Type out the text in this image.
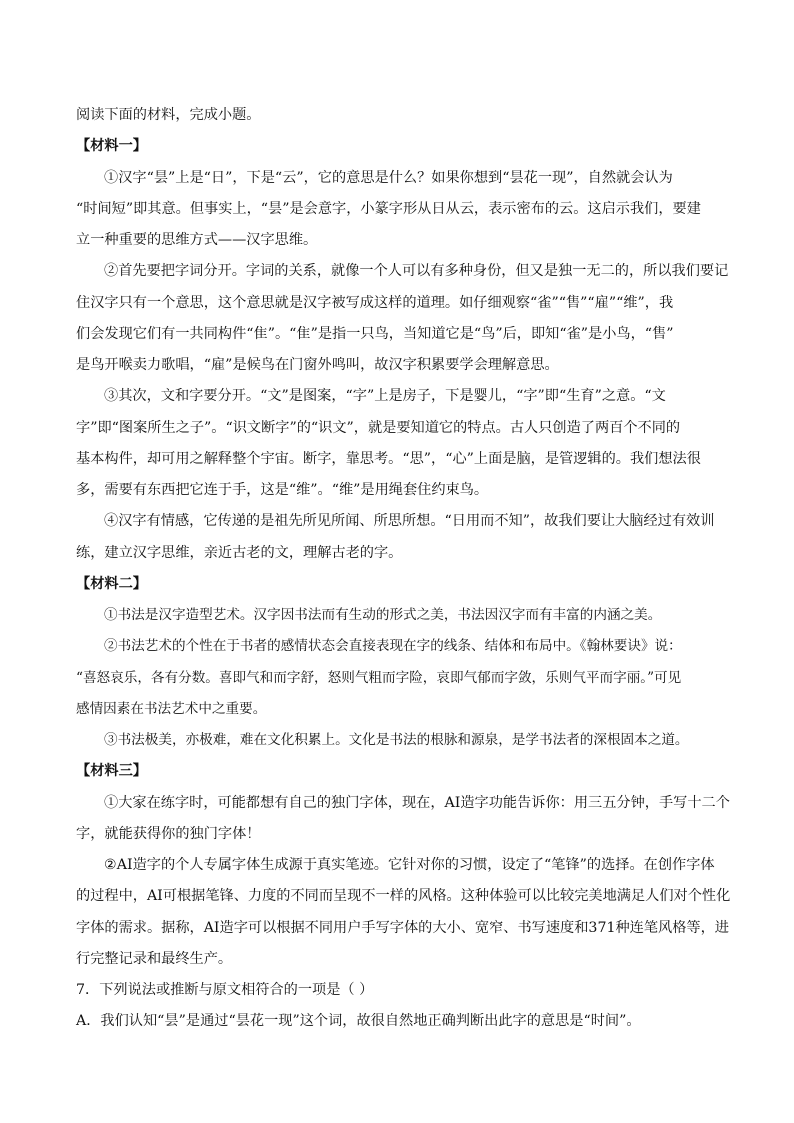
阅读下面的材料，完成小题。
【材料一】
①汉字“昙”上是“日”，下是“云”，它的意思是什么？如果你想到“昙花一现”，自然就会认为
“时间短”即其意。但事实上，“昙”是会意字，小篆字形从日从云，表示密布的云。这启示我们，要建
立一种重要的思维方式——汉字思维。
②首先要把字词分开。字词的关系，就像一个人可以有多种身份，但又是独一无二的，所以我们要记
住汉字只有一个意思，这个意思就是汉字被写成这样的道理。如仔细观察“雀”“售”“雇”“维”，我
们会发现它们有一共同构件“隹”。“隹”是指一只鸟，当知道它是“鸟”后，即知“雀”是小鸟，“售”
是鸟开喉卖力歌唱，“雇”是候鸟在门窗外鸣叫，故汉字积累要学会理解意思。
③其次，文和字要分开。“文”是图案，“字”上是房子，下是婴儿，“字”即“生育”之意。“文
字”即“图案所生之子”。“识文断字”的“识文”，就是要知道它的特点。古人只创造了两百个不同的
基本构件，却可用之解释整个宇宙。断字，靠思考。“思”，“心”上面是脑，是管逻辑的。我们想法很
多，需要有东西把它连于手，这是“维”。“维”是用绳套住约束鸟。
④汉字有情感，它传递的是祖先所见所闻、所思所想。“日用而不知”，故我们要让大脑经过有效训
练，建立汉字思维，亲近古老的文，理解古老的字。
【材料二】
①书法是汉字造型艺术。汉字因书法而有生动的形式之美，书法因汉字而有丰富的内涵之美。
②书法艺术的个性在于书者的感情状态会直接表现在字的线条、结体和布局中。《翰林要诀》说：
“喜怒哀乐，各有分数。喜即气和而字舒，怒则气粗而字险，哀即气郁而字敛，乐则气平而字丽。”可见
感情因素在书法艺术中之重要。
③书法极美，亦极难，难在文化积累上。文化是书法的根脉和源泉，是学书法者的深根固本之道。
【材料三】
①大家在练字时，可能都想有自己的独门字体，现在，AI造字功能告诉你：用三五分钟，手写十二个
字，就能获得你的独门字体！
②AI造字的个人专属字体生成源于真实笔迹。它针对你的习惯，设定了“笔锋”的选择。在创作字体
的过程中，AI可根据笔锋、力度的不同而呈现不一样的风格。这种体验可以比较完美地满足人们对个性化
字体的需求。据称，AI造字可以根据不同用户手写字体的大小、宽窄、书写速度和371种连笔风格等，进
行完整记录和最终生产。
7．下列说法或推断与原文相符合的一项是（ ）
A．我们认知“昙”是通过“昙花一现”这个词，故很自然地正确判断出此字的意思是“时间”。
